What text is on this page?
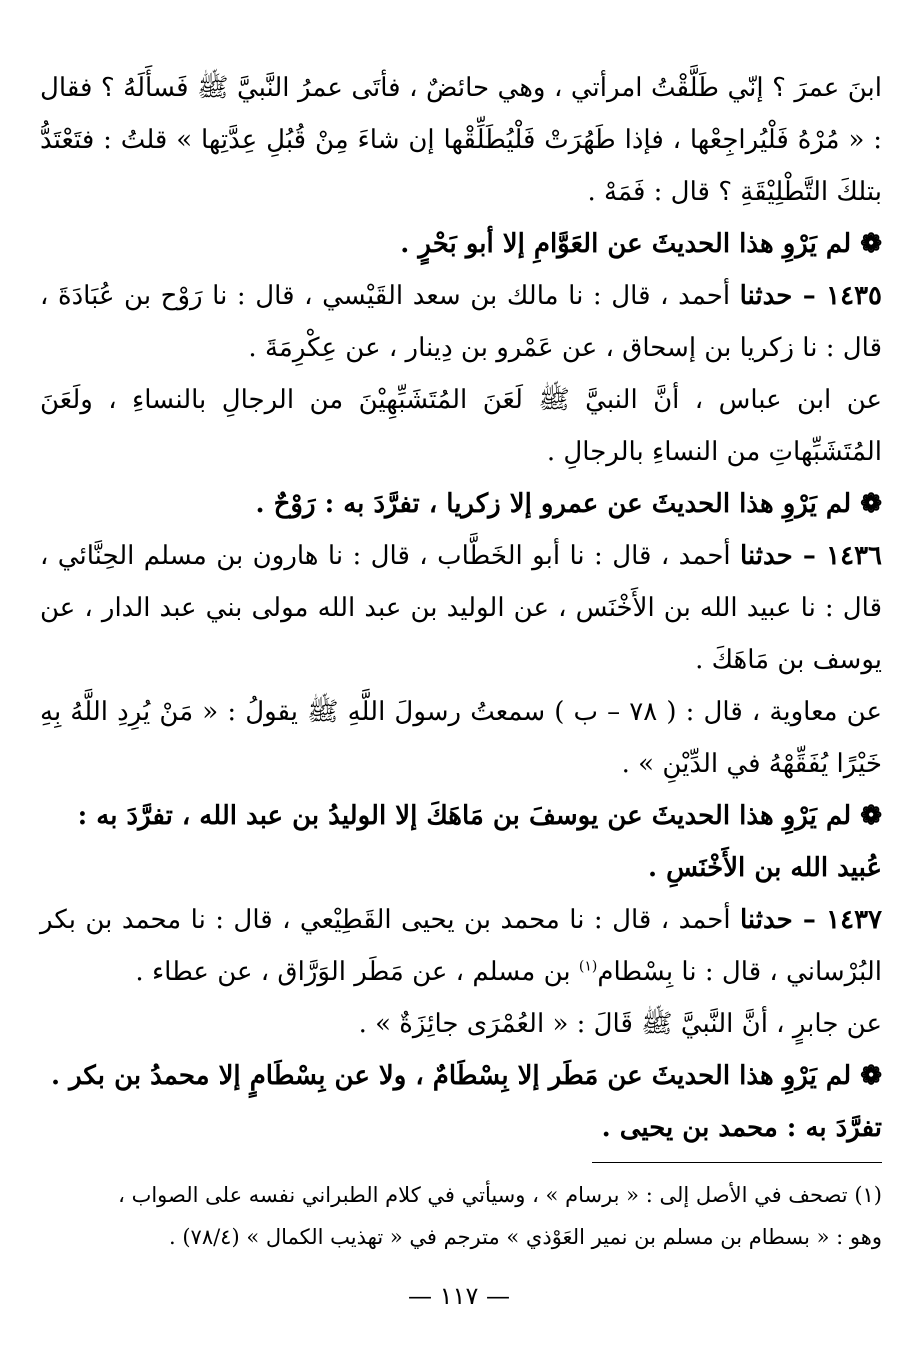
ابنَ عمرَ ؟ إنّي طَلَّقْتُ امرأتي ، وهي حائضٌ ، فأتَى عمرُ النَّبيَّ ﷺ فَسأَلَهُ ؟ فقال : « مُرْهُ فَلْيُراجِعْها ، فإذا طَهُرَتْ فَلْيُطَلِّقْها إن شاءَ مِنْ قُبُلِ عِدَّتِها » قلتُ : فتَعْتَدُّ بتلكَ التَّطْلِيْقَةِ ؟ قال : فَمَهْ .

❁ لم يَرْوِ هذا الحديثَ عن العَوَّامِ إلا أبو بَحْرٍ .

١٤٣٥ – حدثنا أحمد ، قال : نا مالك بن سعد القَيْسي ، قال : نا رَوْح بن عُبَادَةَ ، قال : نا زكريا بن إسحاق ، عن عَمْرو بن دِينار ، عن عِكْرِمَةَ .

عن ابن عباس ، أنَّ النبيَّ ﷺ لَعَنَ المُتَشَبِّهِيْنَ من الرجالِ بالنساءِ ، ولَعَنَ المُتَشَبِّهاتِ من النساءِ بالرجالِ .

❁ لم يَرْوِ هذا الحديثَ عن عمرو إلا زكريا ، تفرَّدَ به : رَوْحٌ .

١٤٣٦ – حدثنا أحمد ، قال : نا أبو الخَطَّاب ، قال : نا هارون بن مسلم الحِنَّائي ، قال : نا عبيد الله بن الأَخْنَس ، عن الوليد بن عبد الله مولى بني عبد الدار ، عن يوسف بن مَاهَكَ .

عن معاوية ، قال : ( ٧٨ – ب ) سمعتُ رسولَ اللَّهِ ﷺ يقولُ : « مَنْ يُرِدِ اللَّهُ بِهِ خَيْرًا يُفَقِّهْهُ في الدِّيْنِ » .

❁ لم يَرْوِ هذا الحديثَ عن يوسفَ بن مَاهَكَ إلا الوليدُ بن عبد الله ، تفرَّدَ به : عُبيد الله بن الأَخْنَسِ .

١٤٣٧ – حدثنا أحمد ، قال : نا محمد بن يحيى القَطِيْعي ، قال : نا محمد بن بكر البُرْساني ، قال : نا بِسْطام$^{(١)}$ بن مسلم ، عن مَطَر الوَرَّاق ، عن عطاء .

عن جابرٍ ، أنَّ النَّبيَّ ﷺ قَالَ : « العُمْرَى جائِزَةٌ » .

❁ لم يَرْوِ هذا الحديثَ عن مَطَر إلا بِسْطَامٌ ، ولا عن بِسْطَامٍ إلا محمدُ بن بكر . تفرَّدَ به : محمد بن يحيى .

(١) تصحف في الأصل إلى : « برسام » ، وسيأتي في كلام الطبراني نفسه على الصواب ،

وهو : « بسطام بن مسلم بن نمير العَوْذي » مترجم في « تهذيب الكمال » (٧٨/٤) .

— ١١٧ —
